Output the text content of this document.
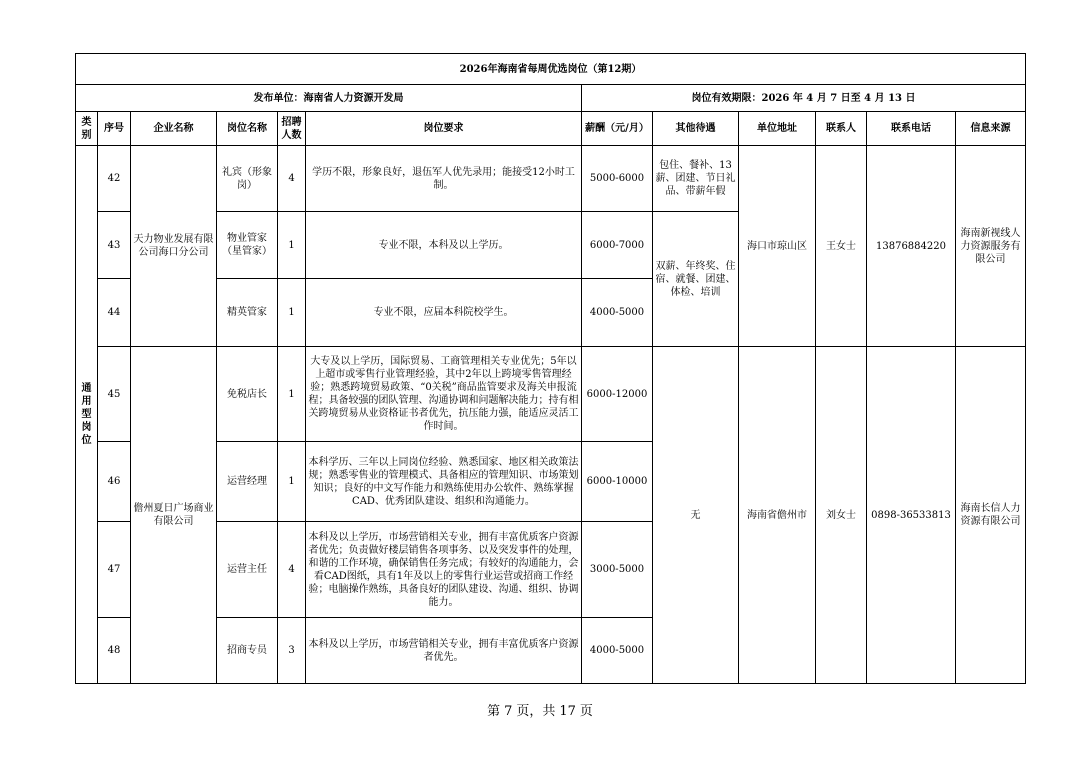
2026年海南省每周优选岗位（第12期）											
发布单位：海南省人力资源开发局						岗位有效期限：2026 年 4 月 7 日至 4 月 13 日					
类别	序号	企业名称	岗位名称	招聘人数	岗位要求	薪酬（元/月）	其他待遇	单位地址	联系人	联系电话	信息来源
通用型岗位	42	天力物业发展有限公司海口分公司	礼宾（形象岗）	4	学历不限，形象良好，退伍军人优先录用；能接受12小时工制。	5000-6000	包住、餐补、13薪、团建、节日礼品、带薪年假	海口市琼山区	王女士	13876884220	海南新视线人力资源服务有限公司
	43		物业管家（星管家）	1	专业不限，本科及以上学历。	6000-7000	双薪、年终奖、住宿、就餐、团建、体检、培训				
	44		精英管家	1	专业不限，应届本科院校学生。	4000-5000					
	45	儋州夏日广场商业有限公司	免税店长	1	大专及以上学历，国际贸易、工商管理相关专业优先；5年以上超市或零售行业管理经验，其中2年以上跨境零售管理经验；熟悉跨境贸易政策、“0关税”商品监管要求及海关申报流程；具备较强的团队管理、沟通协调和问题解决能力；持有相关跨境贸易从业资格证书者优先，抗压能力强，能适应灵活工作时间。	6000-12000	无	海南省儋州市	刘女士	0898-36533813	海南长信人力资源有限公司
	46		运营经理	1	本科学历、三年以上同岗位经验、熟悉国家、地区相关政策法规；熟悉零售业的管理模式、具备相应的管理知识、市场策划知识；良好的中文写作能力和熟练使用办公软件、熟练掌握CAD、优秀团队建设、组织和沟通能力。	6000-10000					
	47		运营主任	4	本科及以上学历，市场营销相关专业，拥有丰富优质客户资源者优先；负责做好楼层销售各项事务、以及突发事件的处理，和谐的工作环境，确保销售任务完成；有较好的沟通能力，会看CAD图纸，具有1年及以上的零售行业运营或招商工作经验；电脑操作熟练，具备良好的团队建设、沟通、组织、协调能力。	3000-5000					
	48		招商专员	3	本科及以上学历，市场营销相关专业，拥有丰富优质客户资源者优先。	4000-5000					
第 7 页，共 17 页
